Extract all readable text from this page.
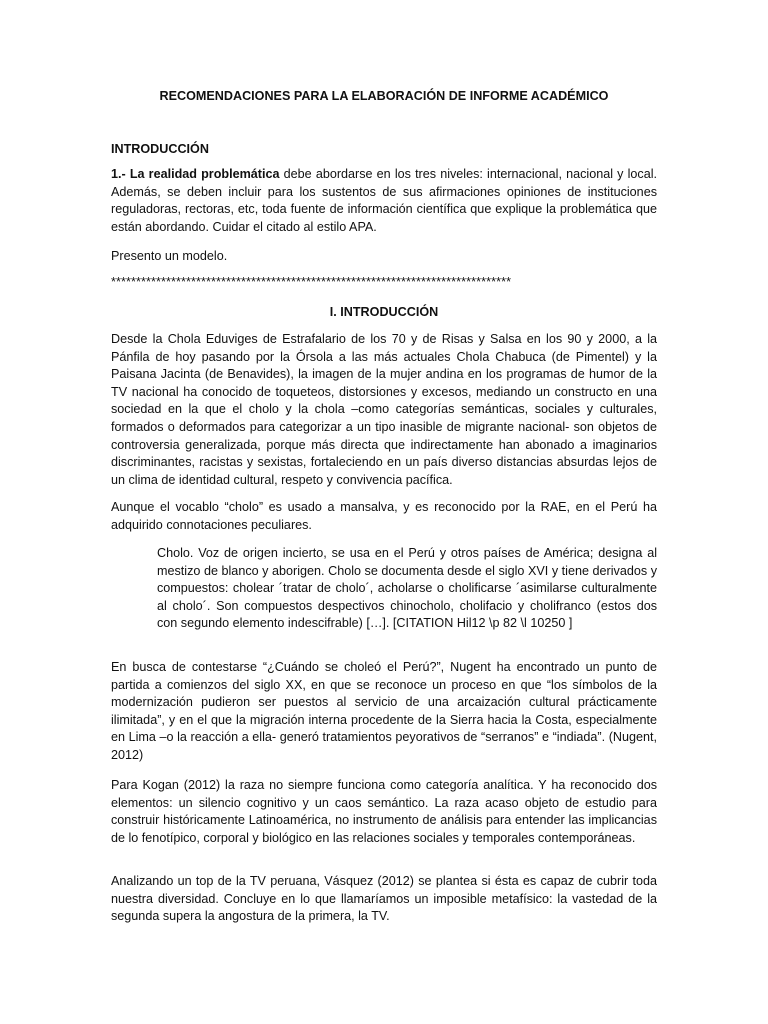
RECOMENDACIONES PARA LA ELABORACIÓN DE INFORME ACADÉMICO

INTRODUCCIÓN

1.- La realidad problemática debe abordarse en los tres niveles: internacional, nacional y local. Además, se deben incluir para los sustentos de sus afirmaciones opiniones de instituciones reguladoras, rectoras, etc, toda fuente de información científica que explique la problemática que están abordando. Cuidar el citado al estilo APA.

Presento un modelo.

********************************************************************************

I. INTRODUCCIÓN

Desde la Chola Eduviges de Estrafalario de los 70 y de Risas y Salsa en los 90 y 2000, a la Pánfila de hoy pasando por la Órsola a las más actuales Chola Chabuca (de Pimentel) y la Paisana Jacinta (de Benavides), la imagen de la mujer andina en los programas de humor de la TV nacional ha conocido de toqueteos, distorsiones y excesos, mediando un constructo en una sociedad en la que el cholo y la chola –como categorías semánticas, sociales y culturales, formados o deformados para categorizar a un tipo inasible de migrante nacional- son objetos de controversia generalizada, porque más directa que indirectamente han abonado a imaginarios discriminantes, racistas y sexistas, fortaleciendo en un país diverso distancias absurdas lejos de un clima de identidad cultural, respeto y convivencia pacífica.

Aunque el vocablo “cholo” es usado a mansalva, y es reconocido por la RAE, en el Perú ha adquirido connotaciones peculiares.

Cholo. Voz de origen incierto, se usa en el Perú y otros países de América; designa al mestizo de blanco y aborigen. Cholo se documenta desde el siglo XVI y tiene derivados y compuestos: cholear ´tratar de cholo´, acholarse o cholificarse ´asimilarse culturalmente al cholo´. Son compuestos despectivos chinocholo, cholifacio y cholifranco (estos dos con segundo elemento indescifrable) […]. [CITATION Hil12 \p 82 \l 10250 ]

En busca de contestarse “¿Cuándo se choleó el Perú?”, Nugent ha encontrado un punto de partida a comienzos del siglo XX, en que se reconoce un proceso en que “los símbolos de la modernización pudieron ser puestos al servicio de una arcaización cultural prácticamente ilimitada”, y en el que la migración interna procedente de la Sierra hacia la Costa, especialmente en Lima –o la reacción a ella- generó tratamientos peyorativos de “serranos” e “indiada”. (Nugent, 2012)

Para Kogan (2012) la raza no siempre funciona como categoría analítica. Y ha reconocido dos elementos: un silencio cognitivo y un caos semántico. La raza acaso objeto de estudio para construir históricamente Latinoamérica, no instrumento de análisis para entender las implicancias de lo fenotípico, corporal y biológico en las relaciones sociales y temporales contemporáneas.

Analizando un top de la TV peruana, Vásquez (2012) se plantea si ésta es capaz de cubrir toda nuestra diversidad. Concluye en lo que llamaríamos un imposible metafísico: la vastedad de la segunda supera la angostura de la primera, la TV.
